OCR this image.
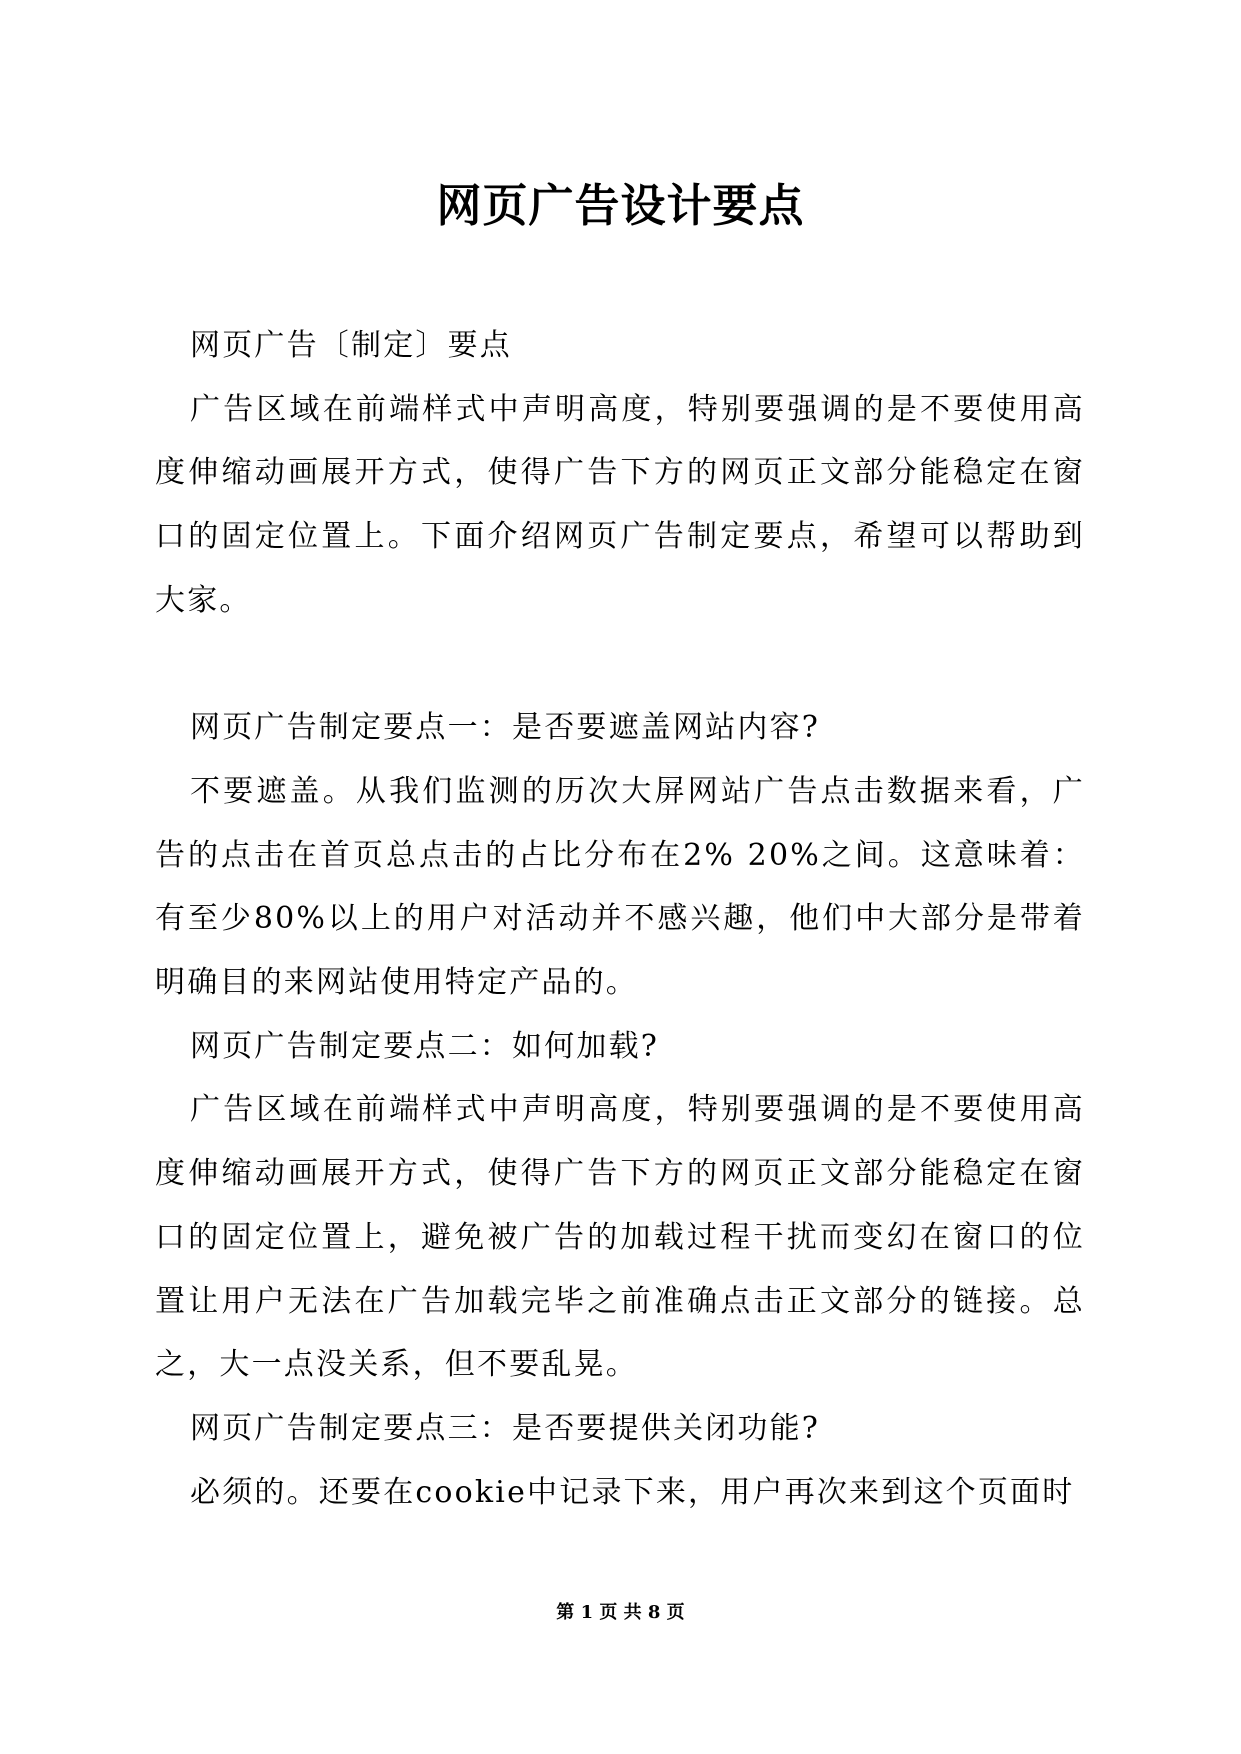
网页广告设计要点

网页广告〔制定〕要点

广告区域在前端样式中声明高度，特别要强调的是不要使用高度伸缩动画展开方式，使得广告下方的网页正文部分能稳定在窗口的固定位置上。下面介绍网页广告制定要点，希望可以帮助到大家。

网页广告制定要点一：是否要遮盖网站内容?

不要遮盖。从我们监测的历次大屏网站广告点击数据来看，广告的点击在首页总点击的占比分布在2% 20%之间。这意味着：有至少80%以上的用户对活动并不感兴趣，他们中大部分是带着明确目的来网站使用特定产品的。

网页广告制定要点二：如何加载?

广告区域在前端样式中声明高度，特别要强调的是不要使用高度伸缩动画展开方式，使得广告下方的网页正文部分能稳定在窗口的固定位置上，避免被广告的加载过程干扰而变幻在窗口的位置让用户无法在广告加载完毕之前准确点击正文部分的链接。总之，大一点没关系，但不要乱晃。

网页广告制定要点三：是否要提供关闭功能?

必须的。还要在cookie中记录下来，用户再次来到这个页面时

第 1 页 共 8 页
